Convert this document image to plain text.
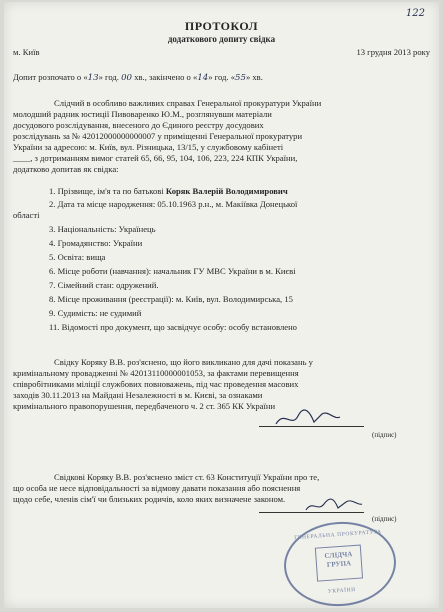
122
ПРОТОКОЛ
додаткового допиту свідка
м. Київ	13 грудня 2013 року
Допит розпочато о «13» год. 00 хв., закінчено о «14» год. «55» хв.
Слідчий в особливо важливих справах Генеральної прокуратури України
молодший радник юстиції Пивоваренко Ю.М., розглянувши матеріали
досудового розслідування, внесеного до Єдиного реєстру досудових
розслідувань за № 42012000000000007 у приміщенні Генеральної прокуратури
України за адресою: м. Київ, вул. Різницька, 13/15, у службовому кабінеті
____, з дотриманням вимог статей 65, 66, 95, 104, 106, 223, 224 КПК України,
додатково допитав як свідка:
1. Прізвище, ім'я та по батькові Коряк Валерій Володимирович
2. Дата та місце народження: 05.10.1963 р.н., м. Макіївка Донецької
області
3. Національність: Українець
4. Громадянство: України
5. Освіта: вища
6. Місце роботи (навчання): начальник ГУ МВС України в м. Києві
7. Сімейний стан: одружений.
8. Місце проживання (реєстрації): м. Київ, вул. Володимирська, 15
9. Судимість: не судимий
11. Відомості про документ, що засвідчує особу: особу встановлено
Свідку Коряку В.В. роз'яснено, що його викликано для дачі показань у
кримінальному провадженні № 42013110000001053, за фактами перевищення
співробітниками міліції службових повноважень, під час проведення масових
заходів 30.11.2013 на Майдані Незалежності в м. Києві, за ознаками
кримінального правопорушення, передбаченого ч. 2 ст. 365 КК України
(підпис)
Свідкові Коряку В.В. роз'яснено зміст ст. 63 Конституції України про те,
що особа не несе відповідальності за відмову давати показання або пояснення
щодо себе, членів сім'ї чи близьких родичів, коло яких визначене законом.
(підпис)
ГЕНЕРАЛЬНА ПРОКУРАТУРА
СЛІДЧА
ГРУПА
УКРАЇНИ
